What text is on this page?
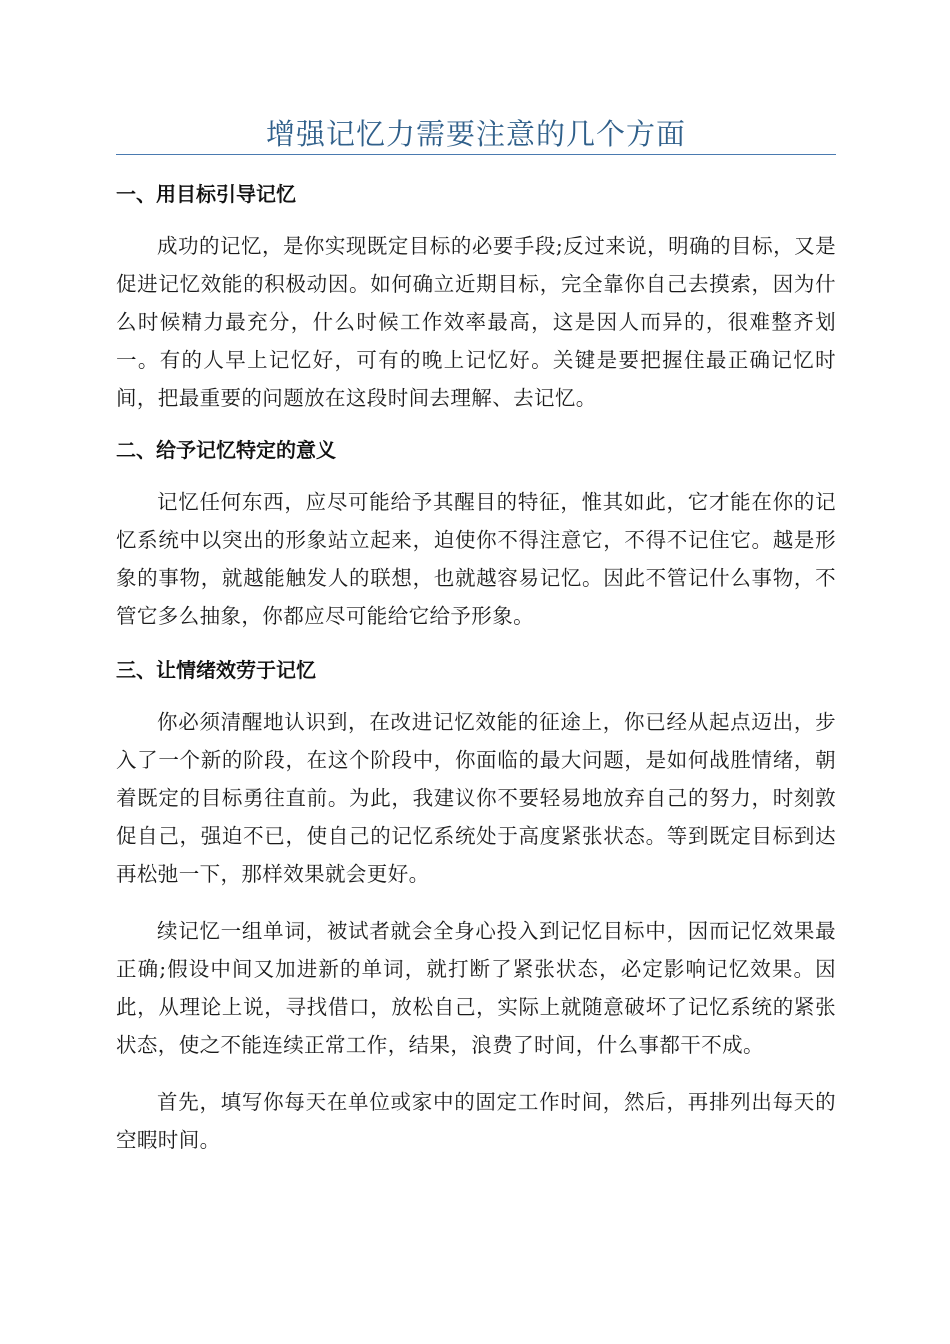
增强记忆力需要注意的几个方面
一、用目标引导记忆

成功的记忆，是你实现既定目标的必要手段;反过来说，明确的目标，又是促进记忆效能的积极动因。如何确立近期目标，完全靠你自己去摸索，因为什么时候精力最充分，什么时候工作效率最高，这是因人而异的，很难整齐划一。有的人早上记忆好，可有的晚上记忆好。关键是要把握住最正确记忆时间，把最重要的问题放在这段时间去理解、去记忆。

二、给予记忆特定的意义

记忆任何东西，应尽可能给予其醒目的特征，惟其如此，它才能在你的记忆系统中以突出的形象站立起来，迫使你不得注意它，不得不记住它。越是形象的事物，就越能触发人的联想，也就越容易记忆。因此不管记什么事物，不管它多么抽象，你都应尽可能给它给予形象。

三、让情绪效劳于记忆

你必须清醒地认识到，在改进记忆效能的征途上，你已经从起点迈出，步入了一个新的阶段，在这个阶段中，你面临的最大问题，是如何战胜情绪，朝着既定的目标勇往直前。为此，我建议你不要轻易地放弃自己的努力，时刻敦促自己，强迫不已，使自己的记忆系统处于高度紧张状态。等到既定目标到达再松弛一下，那样效果就会更好。

续记忆一组单词，被试者就会全身心投入到记忆目标中，因而记忆效果最正确;假设中间又加进新的单词，就打断了紧张状态，必定影响记忆效果。因此，从理论上说，寻找借口，放松自己，实际上就随意破坏了记忆系统的紧张状态，使之不能连续正常工作，结果，浪费了时间，什么事都干不成。

首先，填写你每天在单位或家中的固定工作时间，然后，再排列出每天的空暇时间。
